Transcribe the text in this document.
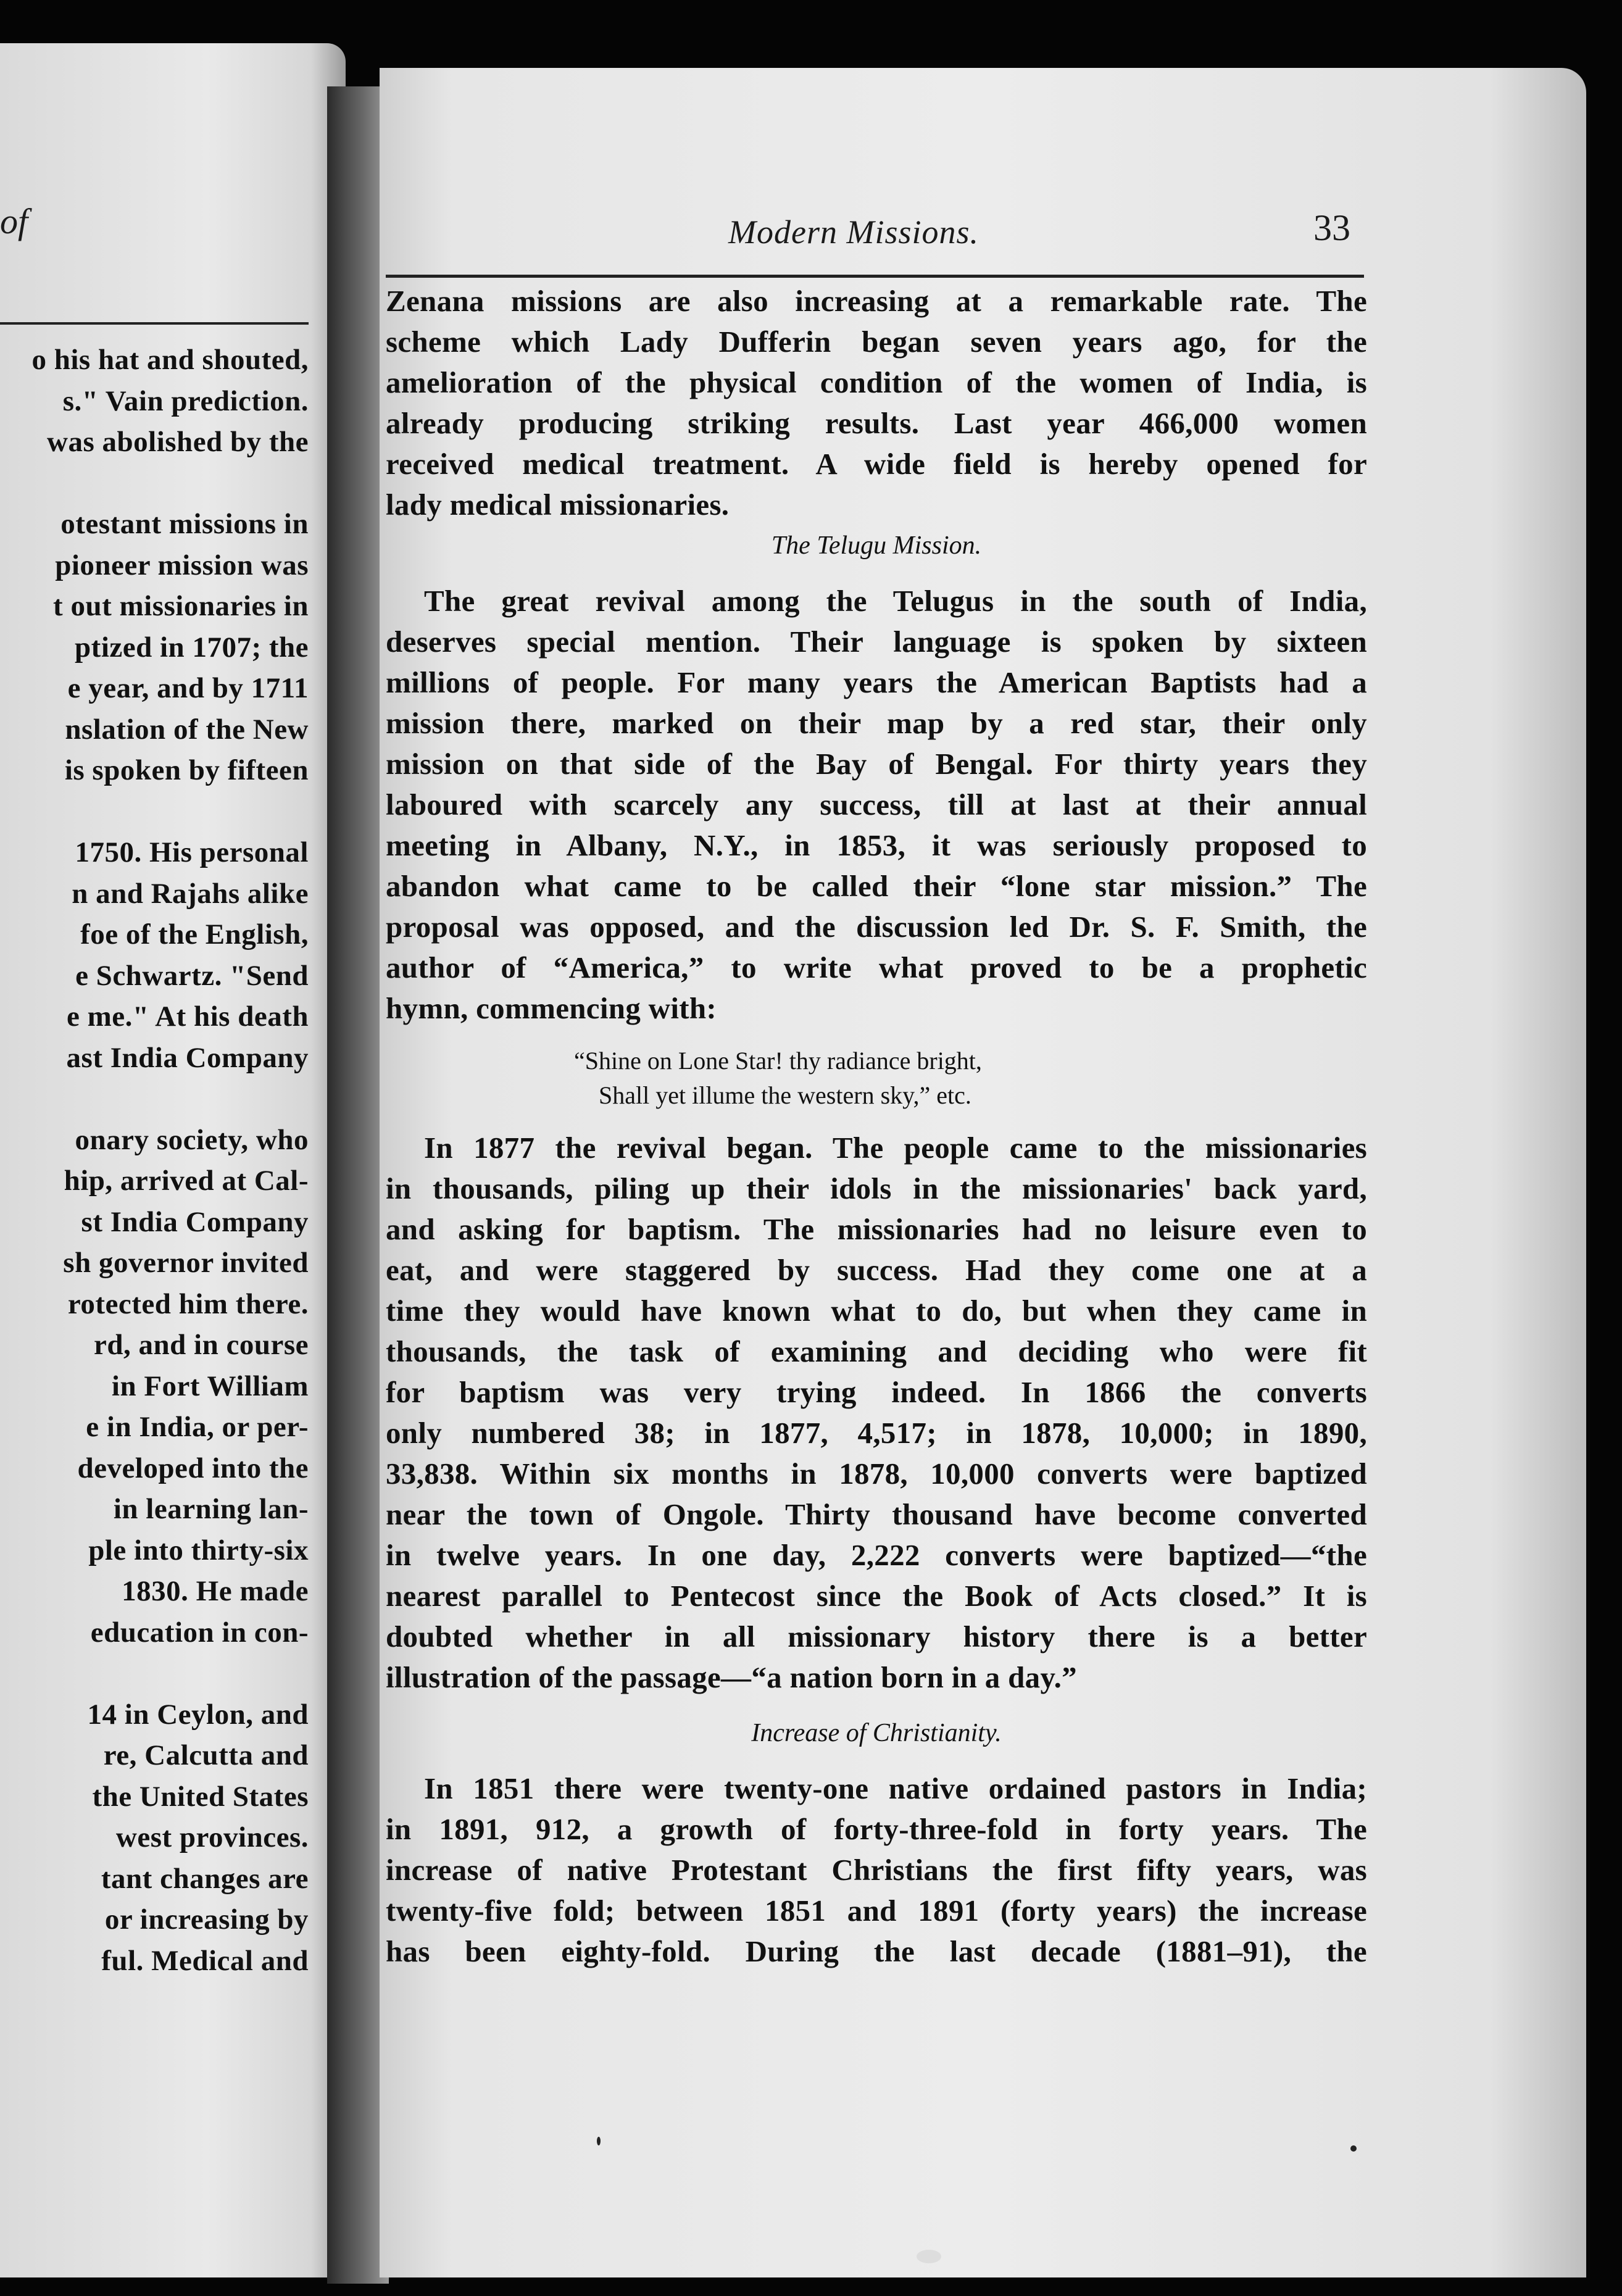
of
o his hat and shouted,
s." Vain prediction.
was abolished by the
otestant missions in
pioneer mission was
t out missionaries in
ptized in 1707; the
e year, and by 1711
nslation of the New
is spoken by fifteen
1750. His personal
n and Rajahs alike
foe of the English,
e Schwartz. "Send
e me." At his death
ast India Company
onary society, who
hip, arrived at Cal-
st India Company
sh governor invited
rotected him there.
rd, and in course
in Fort William
e in India, or per-
developed into the
in learning lan-
ple into thirty-six
1830. He made
education in con-
14 in Ceylon, and
re, Calcutta and
the United States
west provinces.
tant changes are
or increasing by
ful. Medical and
Modern Missions.	33
Zenana missions are also increasing at a remarkable rate. The
scheme which Lady Dufferin began seven years ago, for the
amelioration of the physical condition of the women of India, is
already producing striking results. Last year 466,000 women
received medical treatment. A wide field is hereby opened for
lady medical missionaries.
The Telugu Mission.
The great revival among the Telugus in the south of India,
deserves special mention. Their language is spoken by sixteen
millions of people. For many years the American Baptists had a
mission there, marked on their map by a red star, their only
mission on that side of the Bay of Bengal. For thirty years they
laboured with scarcely any success, till at last at their annual
meeting in Albany, N.Y., in 1853, it was seriously proposed to
abandon what came to be called their “lone star mission.” The
proposal was opposed, and the discussion led Dr. S. F. Smith, the
author of “America,” to write what proved to be a prophetic
hymn, commencing with:
“Shine on Lone Star! thy radiance bright,
Shall yet illume the western sky,” etc.
In 1877 the revival began. The people came to the missionaries
in thousands, piling up their idols in the missionaries' back yard,
and asking for baptism. The missionaries had no leisure even to
eat, and were staggered by success. Had they come one at a
time they would have known what to do, but when they came in
thousands, the task of examining and deciding who were fit
for baptism was very trying indeed. In 1866 the converts
only numbered 38; in 1877, 4,517; in 1878, 10,000; in 1890,
33,838. Within six months in 1878, 10,000 converts were baptized
near the town of Ongole. Thirty thousand have become converted
in twelve years. In one day, 2,222 converts were baptized—“the
nearest parallel to Pentecost since the Book of Acts closed.” It is
doubted whether in all missionary history there is a better
illustration of the passage—“a nation born in a day.”
Increase of Christianity.
In 1851 there were twenty-one native ordained pastors in India;
in 1891, 912, a growth of forty-three-fold in forty years. The
increase of native Protestant Christians the first fifty years, was
twenty-five fold; between 1851 and 1891 (forty years) the increase
has been eighty-fold. During the last decade (1881–91), the
